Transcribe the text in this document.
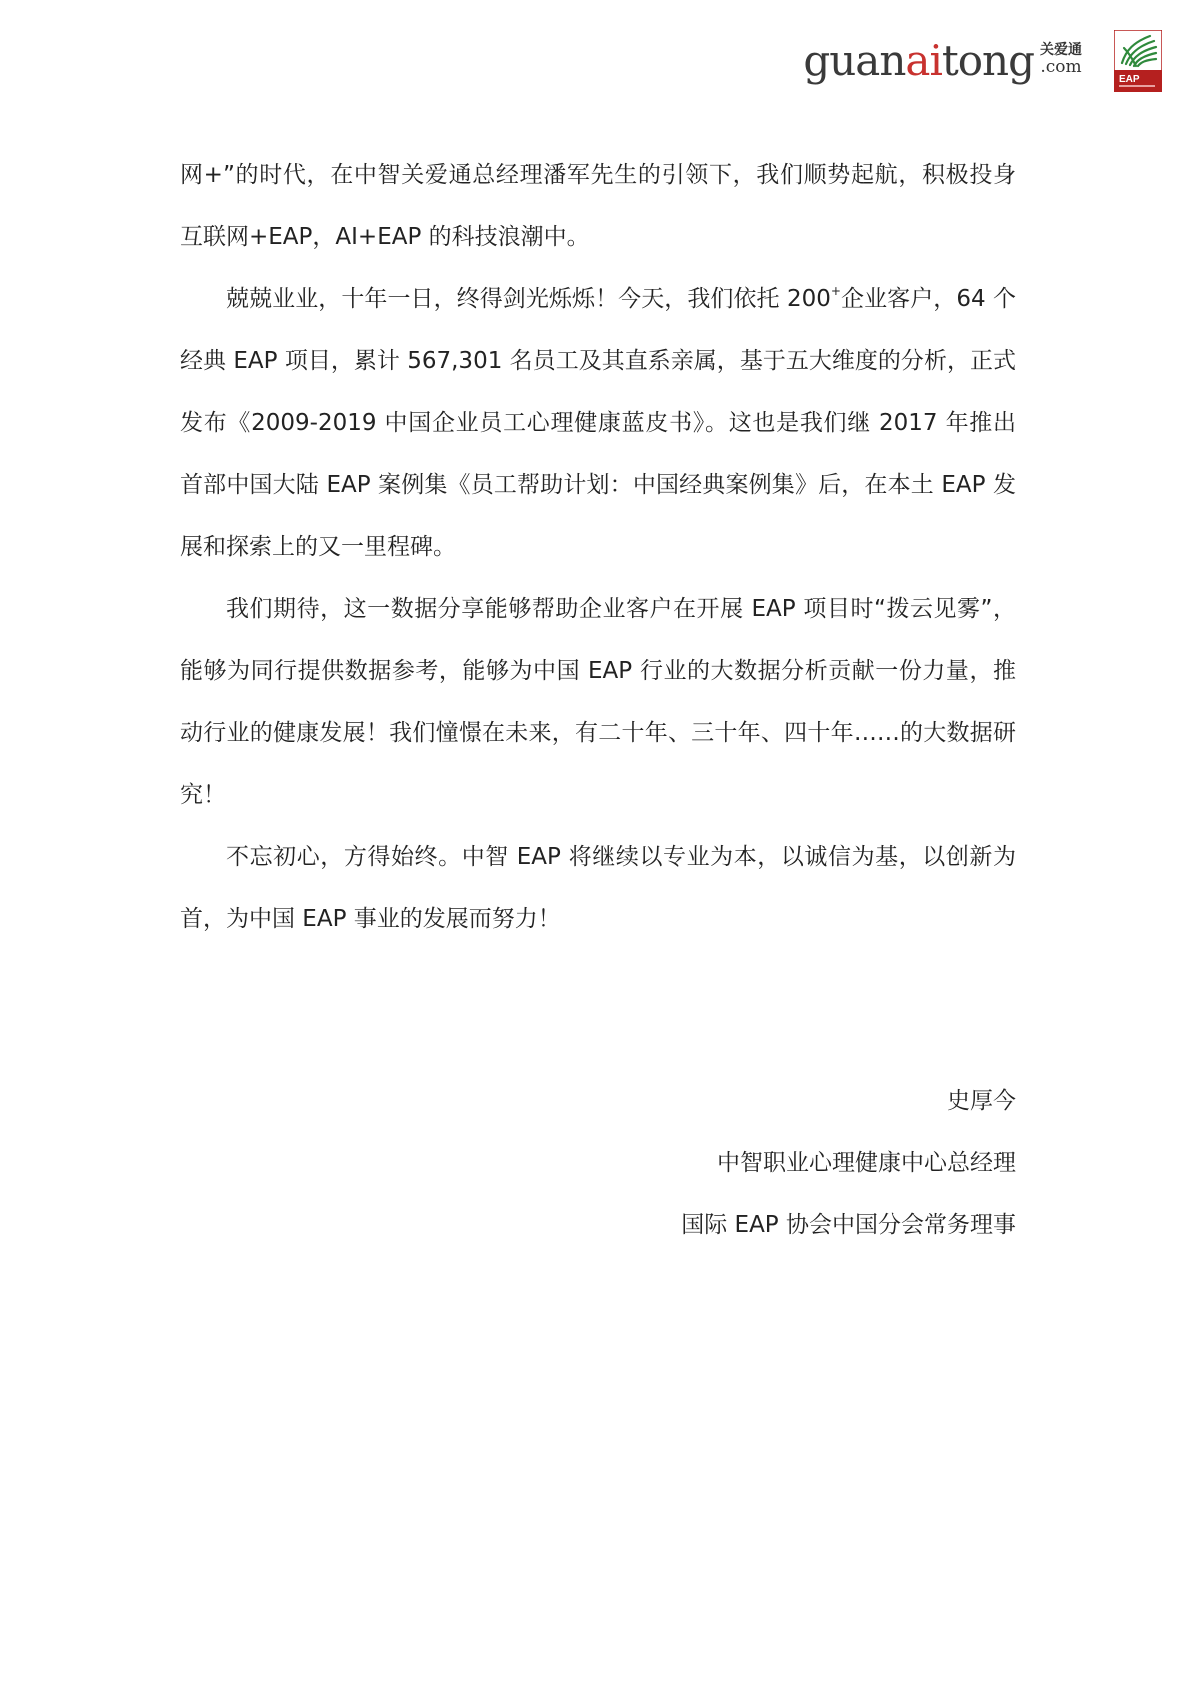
guanaitong 关爱通
.com
EAP

网+”的时代，在中智关爱通总经理潘军先生的引领下，我们顺势起航，积极投身互联网+EAP，AI+EAP 的科技浪潮中。

兢兢业业，十年一日，终得剑光烁烁！今天，我们依托 200+企业客户，64 个经典 EAP 项目，累计 567,301 名员工及其直系亲属，基于五大维度的分析，正式发布《2009-2019 中国企业员工心理健康蓝皮书》。这也是我们继 2017 年推出首部中国大陆 EAP 案例集《员工帮助计划：中国经典案例集》后，在本土 EAP 发展和探索上的又一里程碑。

我们期待，这一数据分享能够帮助企业客户在开展 EAP 项目时“拨云见雾”，能够为同行提供数据参考，能够为中国 EAP 行业的大数据分析贡献一份力量，推动行业的健康发展！我们憧憬在未来，有二十年、三十年、四十年……的大数据研究！

不忘初心，方得始终。中智 EAP 将继续以专业为本，以诚信为基，以创新为首，为中国 EAP 事业的发展而努力！

史厚今
中智职业心理健康中心总经理
国际 EAP 协会中国分会常务理事
